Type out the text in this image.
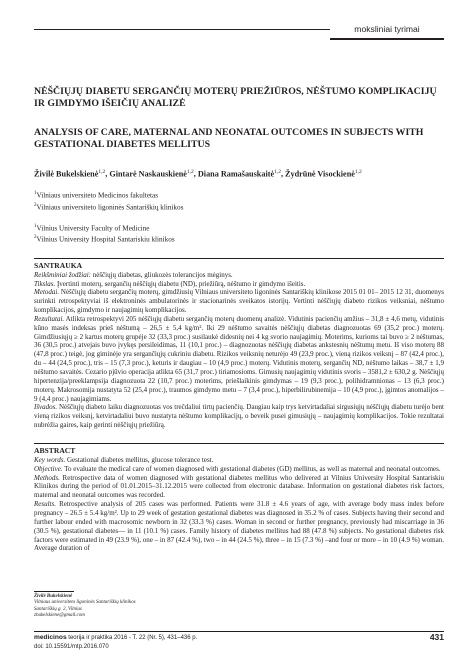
moksliniai tyrimai

NĖŠČIŲJŲ DIABETU SERGANČIŲ MOTERŲ PRIEŽIŪROS, NĖŠTUMO KOMPLIKACIJŲ IR GIMDYMO IŠEIČIŲ ANALIZĖ

ANALYSIS OF CARE, MATERNAL AND NEONATAL OUTCOMES IN SUBJECTS WITH GESTATIONAL DIABETES MELLITUS

Živilė Bukelskienė$^{1,2}$, Gintarė Naskauskienė$^{1,2}$, Diana Ramašauskaitė$^{1,2}$, Žydrūnė Visockienė$^{1,2}$

$^1$Vilniaus universiteto Medicinos fakultetas

$^2$Vilniaus universiteto ligoninės Santariškių klinikos

$^1$Vilnius University Faculty of Medicine

$^2$Vilnius University Hospital Santariskiu klinikos

SANTRAUKA

Reikšminiai žodžiai: nėščiųjų diabetas, gliukozės tolerancijos mėginys.

Tikslas. Įvertinti moterų, sergančių nėščiųjų diabetu (ND), priežiūrą, nėštumo ir gimdymo išeitis.

Metodai. Nėščiųjų diabetu sergančių moterų, gimdžiusių Vilniaus universiteto ligoninės Santariškių klinikose 2015 01 01– 2015 12 31, duomenys surinkti retrospektyviai iš elektroninės ambulatorinės ir stacionarinės sveikatos istorijų. Vertinti nėščiųjų diabeto rizikos veiksniai, nėštumo komplikacijos, gimdymo ir naujagimių komplikacijos.

Rezultatai. Atlikta retrospektyvi 205 nėščiųjų diabetu sergančių moterų duomenų analizė. Vidutinis pacienčių amžius – 31,8 ± 4,6 metų, vidutinis kūno masės indeksas prieš nėštumą – 26,5 ± 5,4 kg/m². Iki 29 nėštumo savaitės nėščiųjų diabetas diagnozuotas 69 (35,2 proc.) moterų. Gimdžiusiųjų ≥ 2 kartus moterų grupėje 32 (33,3 proc.) susilaukė didesnių nei 4 kg svorio naujagimių. Moterims, kurioms tai buvo ≥ 2 nėštumas, 36 (30,5 proc.) atvejais buvo įvykęs persileidimas, 11 (10,1 proc.) – diagnozuotas nėščiųjų diabetas ankstesnių nėštumų metu. Iš viso moterų 88 (47,8 proc.) teigė, jog giminėje yra sergančiųjų cukriniu diabetu. Rizikos veiksnių neturėjo 49 (23,9 proc.), vieną rizikos veiksnį – 87 (42,4 proc.), du – 44 (24,5 proc.), tris – 15 (7,3 proc.), keturis ir daugiau – 10 (4,9 proc.) moterų. Vidutinis moterų, sergančių ND, nėštumo laikas – 38,7 ± 1,9 nėštumo savaitės. Cezario pjūvio operacija atlikta 65 (31,7 proc.) tiriamosioms. Gimusių naujagimių vidutinis svoris – 3581,2 ± 630,2 g. Nėščiųjų hipertenzija/preeklampsija diagnozuota 22 (10,7 proc.) moterims, priešlaikinis gimdymas – 19 (9,3 proc.), polihidramnionas – 13 (6,3 proc.) moterų. Makrosomija nustatyta 52 (25,4 proc.), traumos gimdymo metu – 7 (3,4 proc.), hiperbilirubinemija – 10 (4,9 proc.), įgimtos anomalijos – 9 (4,4 proc.) naujagimiams.

Išvados. Nėščiųjų diabeto laiku diagnozuotas vos trečdaliui tirtų pacienčių. Daugiau kaip trys ketvirtadaliai sirgusiųjų nėščiųjų diabetu turėjo bent vieną rizikos veiksnį, ketvirtadaliui buvo nustatyta nėštumo komplikacijų, o beveik pusei gimusiųjų – naujagimių komplikacijos. Tokie rezultatai nubrėžia gaires, kaip gerinti nėščiųjų priežiūrą.

ABSTRACT

Key words. Gestational diabetes mellitus, glucose tolerance test.

Objective. To evaluate the medical care of women diagnosed with gestational diabetes (GD) mellitus, as well as maternal and neonatal outcomes.

Methods. Retrospective data of women diagnosed with gestational diabetes mellitus who delivered at Vilnius University Hospital Santariskiu Klinikos during the period of 01.01.2015–31.12.2015 were collected from electronic database. Information on gestational diabetes risk factors, maternal and neonatal outcomes was recorded.

Results. Retrospective analysis of 205 cases was performed. Patients were 31.8 ± 4.6 years of age, with average body mass index before pregnancy – 26.5 ± 5.4 kg/m². Up to 29 week of gestation gestational diabetes was diagnosed in 35.2 % of cases. Subjects having their second and further labour ended with macrosomic newborn in 32 (33.3 %) cases. Woman in second or further pregnancy, previously had miscarriage in 36 (30.5 %), gestational diabetes— in 11 (10.1 %) cases. Family history of diabetes mellitus had 88 (47.8 %) subjects. No gestational diabetes risk factors were estimated in 49 (23.9 %), one – in 87 (42.4 %), two – in 44 (24.5 %), three – in 15 (7.3 %) –and four or more – in 10 (4.9 %) woman. Average duration of

Živilė Bukelskienė
Vilniaus universiteto ligoninės Santariškių klinikos
Santariškių g. 2, Vilnius
zbukelskiene@gmail.com
medicinos teorija ir praktika 2016 - T. 22 (Nr. 5), 431–436 p.
doi: 10.15591/mtp.2016.070
431
